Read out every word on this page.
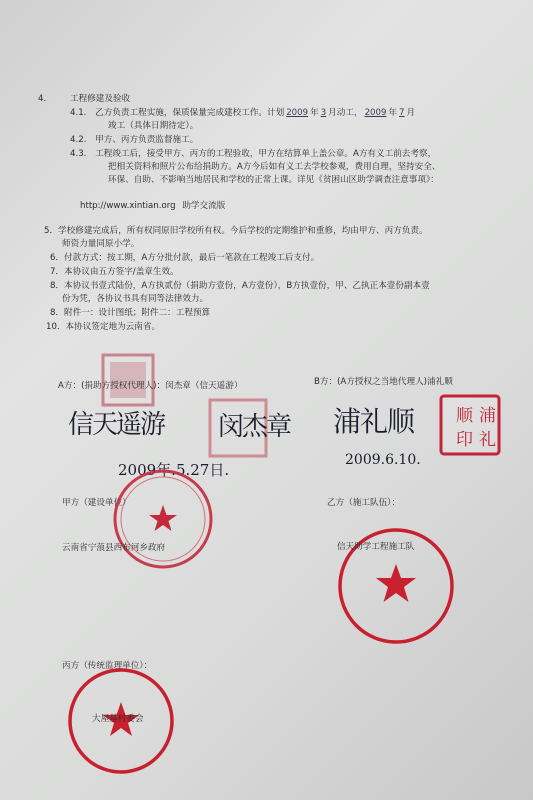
4.	工程修建及验收
4.1. 乙方负责工程实施，保质保量完成建校工作。计划 2009 年 3 月动工， 2009 年 7 月
竣工（具体日期待定）。
4.2. 甲方、丙方负责监督施工。
4.3. 工程竣工后，接受甲方、丙方的工程验收，甲方在结算单上盖公章。A方有义工前去考察，
把相关资料和照片公布给捐助方。A方今后如有义工去学校参观，费用自理，坚持安全、
环保、自助、不影响当地居民和学校的正常上课。详见《贫困山区助学调查注意事项》：
http://www.xintian.org 助学交流版
5．学校修建完成后，所有权同原旧学校所有权。今后学校的定期维护和重修，均由甲方、丙方负责。
师资力量同原小学。
6．付款方式：按工期，A方分批付款，最后一笔款在工程竣工后支付。
7．本协议由五方签字/盖章生效。
8．本协议书壹式陆份，A方执贰份（捐助方壹份，A方壹份），B方执壹份，甲、乙执正本壹份副本壹
份为凭，各协议书具有同等法律效力。
8．附件一：设计图纸；附件二：工程预算
10．本协议签定地为云南省。
A方：(捐助方授权代理人)：闵杰章（信天遥游）	B方：(A方授权之当地代理人)浦礼顺
顺 浦
印 礼
信天遥游 闵杰章 浦礼顺
2009年.5.27日.
2009.6.10.
甲方（建设单位）	乙方（施工队伍）：
云南省宁蒗县西布河乡政府	信天助学工程施工队
丙方（传统监理单位）：
大屋基村委会
